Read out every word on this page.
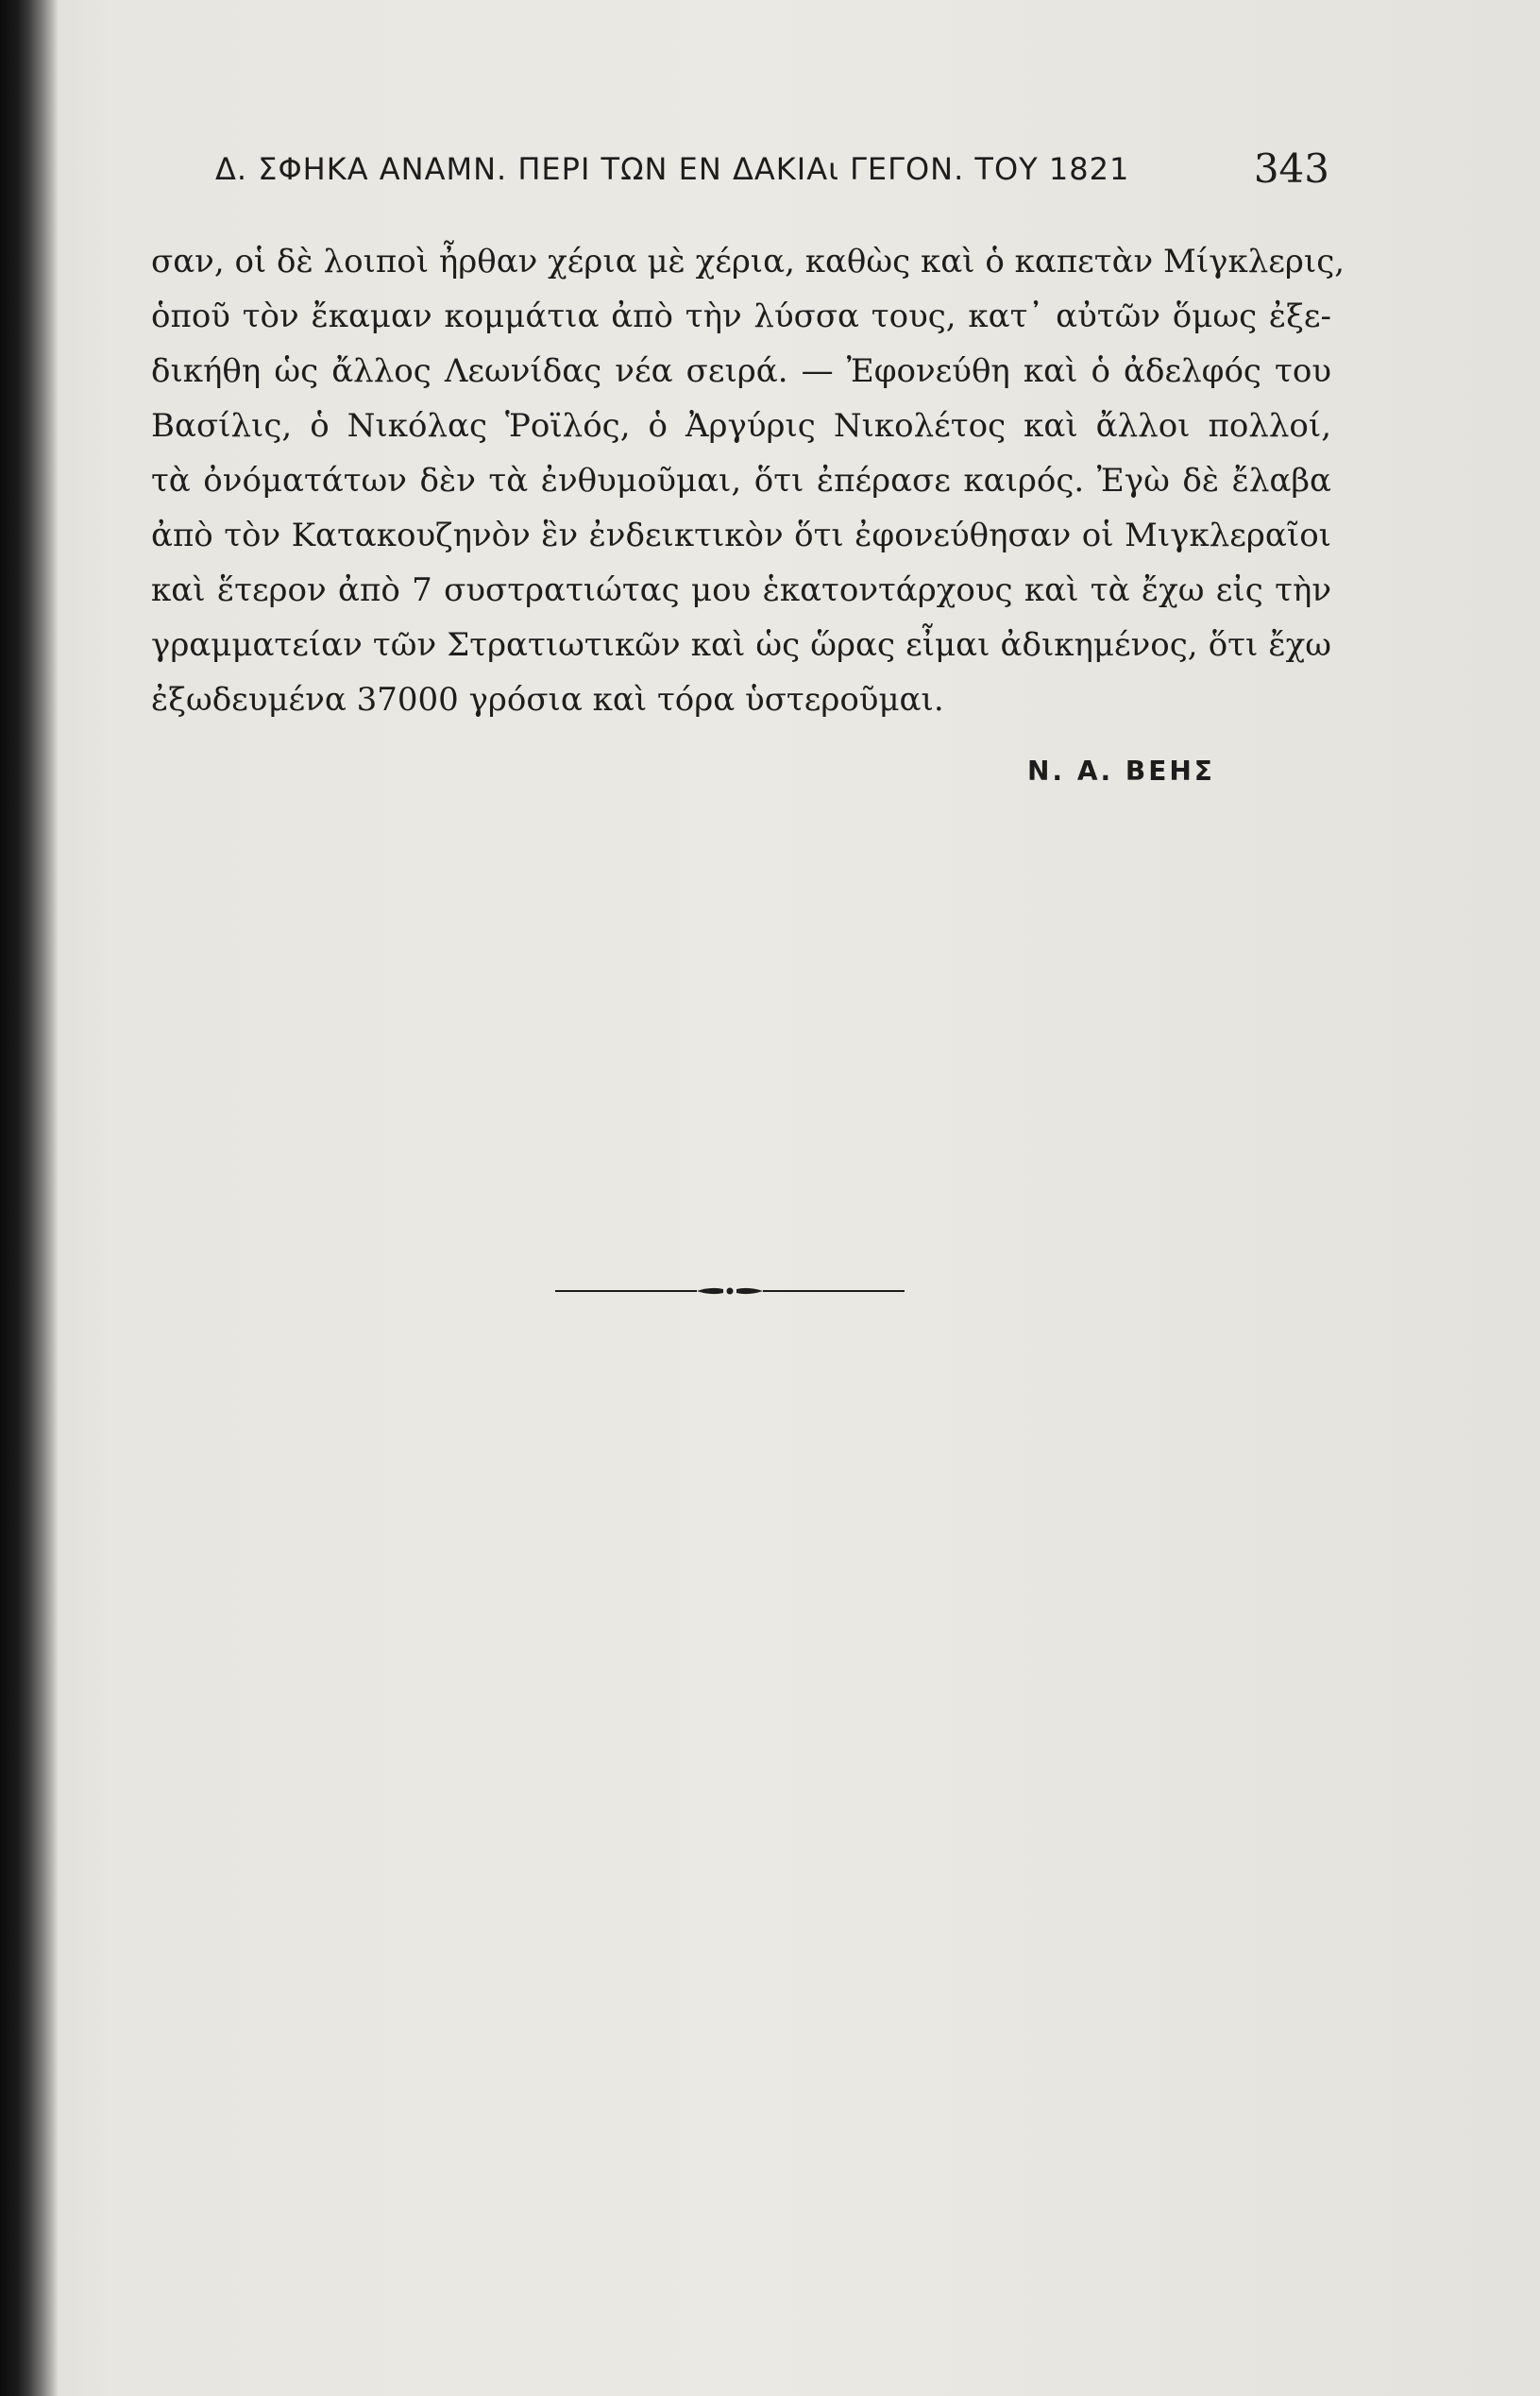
Δ. ΣΦΗΚΑ ΑΝΑΜΝ. ΠΕΡΙ ΤΩΝ ΕΝ ΔΑΚΙΑι ΓΕΓΟΝ. ΤΟΥ 1821	343
σαν, οἱ δὲ λοιποὶ ἦρθαν χέρια μὲ χέρια, καθὼς καὶ ὁ καπετὰν Μίγκλερις,
ὁποῦ τὸν ἔκαμαν κομμάτια ἀπὸ τὴν λύσσα τους, κατ᾽ αὐτῶν ὅμως ἐξε-
δικήθη ὡς ἄλλος Λεωνίδας νέα σειρά. — Ἐφονεύθη καὶ ὁ ἀδελφός του
Βασίλις, ὁ Νικόλας Ῥοϊλός, ὁ Ἀργύρις Νικολέτος καὶ ἄλλοι πολλοί,
τὰ ὀνόματάτων δὲν τὰ ἐνθυμοῦμαι, ὅτι ἐπέρασε καιρός. Ἐγὼ δὲ ἔλαβα
ἀπὸ τὸν Κατακουζηνὸν ἓν ἐνδεικτικὸν ὅτι ἐφονεύθησαν οἱ Μιγκλεραῖοι
καὶ ἕτερον ἀπὸ 7 συστρατιώτας μου ἑκατοντάρχους καὶ τὰ ἔχω εἰς τὴν
γραμματείαν τῶν Στρατιωτικῶν καὶ ὡς ὥρας εἶμαι ἀδικημένος, ὅτι ἔχω
ἐξωδευμένα 37000 γρόσια καὶ τόρα ὑστεροῦμαι.
Ν. Α. ΒΕΗΣ
